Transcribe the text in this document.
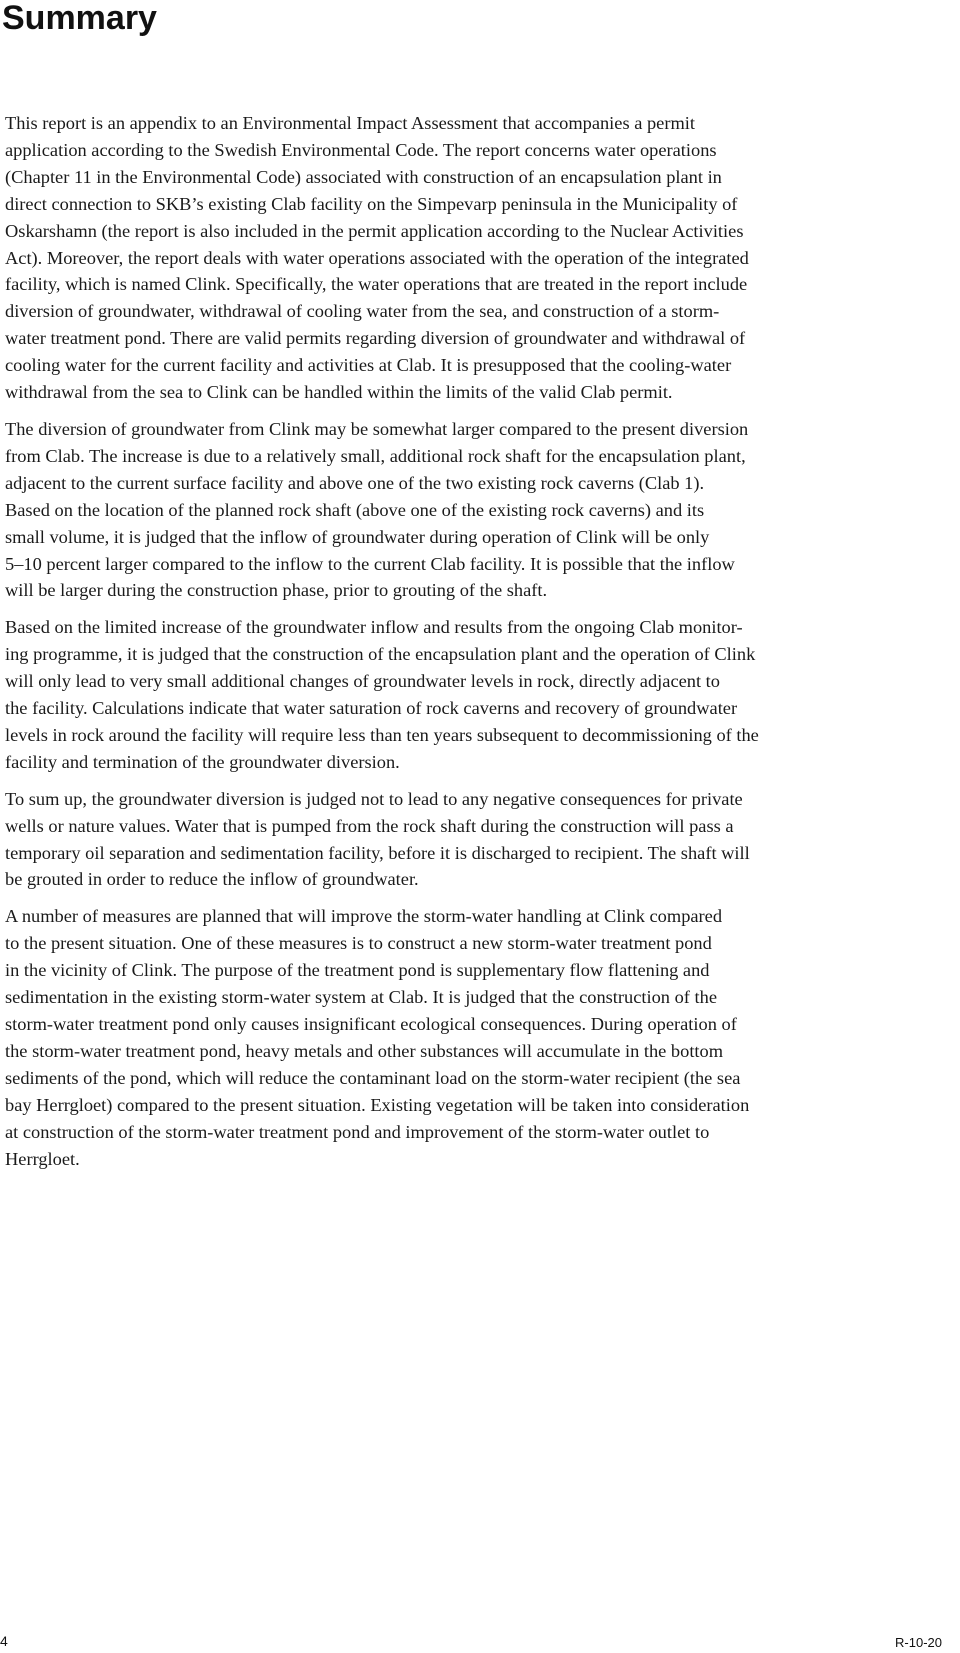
Summary

This report is an appendix to an Environmental Impact Assessment that accompanies a permit
application according to the Swedish Environmental Code. The report concerns water operations
(Chapter 11 in the Environmental Code) associated with construction of an encapsulation plant in
direct connection to SKB’s existing Clab facility on the Simpevarp peninsula in the Municipality of
Oskarshamn (the report is also included in the permit application according to the Nuclear Activities
Act). Moreover, the report deals with water operations associated with the operation of the integrated
facility, which is named Clink. Specifically, the water operations that are treated in the report include
diversion of groundwater, withdrawal of cooling water from the sea, and construction of a storm-
water treatment pond. There are valid permits regarding diversion of groundwater and withdrawal of
cooling water for the current facility and activities at Clab. It is presupposed that the cooling-water
withdrawal from the sea to Clink can be handled within the limits of the valid Clab permit.

The diversion of groundwater from Clink may be somewhat larger compared to the present diversion
from Clab. The increase is due to a relatively small, additional rock shaft for the encapsulation plant,
adjacent to the current surface facility and above one of the two existing rock caverns (Clab 1).
Based on the location of the planned rock shaft (above one of the existing rock caverns) and its
small volume, it is judged that the inflow of groundwater during operation of Clink will be only
5–10 percent larger compared to the inflow to the current Clab facility. It is possible that the inflow
will be larger during the construction phase, prior to grouting of the shaft.

Based on the limited increase of the groundwater inflow and results from the ongoing Clab monitor-
ing programme, it is judged that the construction of the encapsulation plant and the operation of Clink
will only lead to very small additional changes of groundwater levels in rock, directly adjacent to
the facility. Calculations indicate that water saturation of rock caverns and recovery of groundwater
levels in rock around the facility will require less than ten years subsequent to decommissioning of the
facility and termination of the groundwater diversion.

To sum up, the groundwater diversion is judged not to lead to any negative consequences for private
wells or nature values. Water that is pumped from the rock shaft during the construction will pass a
temporary oil separation and sedimentation facility, before it is discharged to recipient. The shaft will
be grouted in order to reduce the inflow of groundwater.

A number of measures are planned that will improve the storm-water handling at Clink compared
to the present situation. One of these measures is to construct a new storm-water treatment pond
in the vicinity of Clink. The purpose of the treatment pond is supplementary flow flattening and
sedimentation in the existing storm-water system at Clab. It is judged that the construction of the
storm-water treatment pond only causes insignificant ecological consequences. During operation of
the storm-water treatment pond, heavy metals and other substances will accumulate in the bottom
sediments of the pond, which will reduce the contaminant load on the storm-water recipient (the sea
bay Herrgloet) compared to the present situation. Existing vegetation will be taken into consideration
at construction of the storm-water treatment pond and improvement of the storm-water outlet to
Herrgloet.

4	R-10-20
